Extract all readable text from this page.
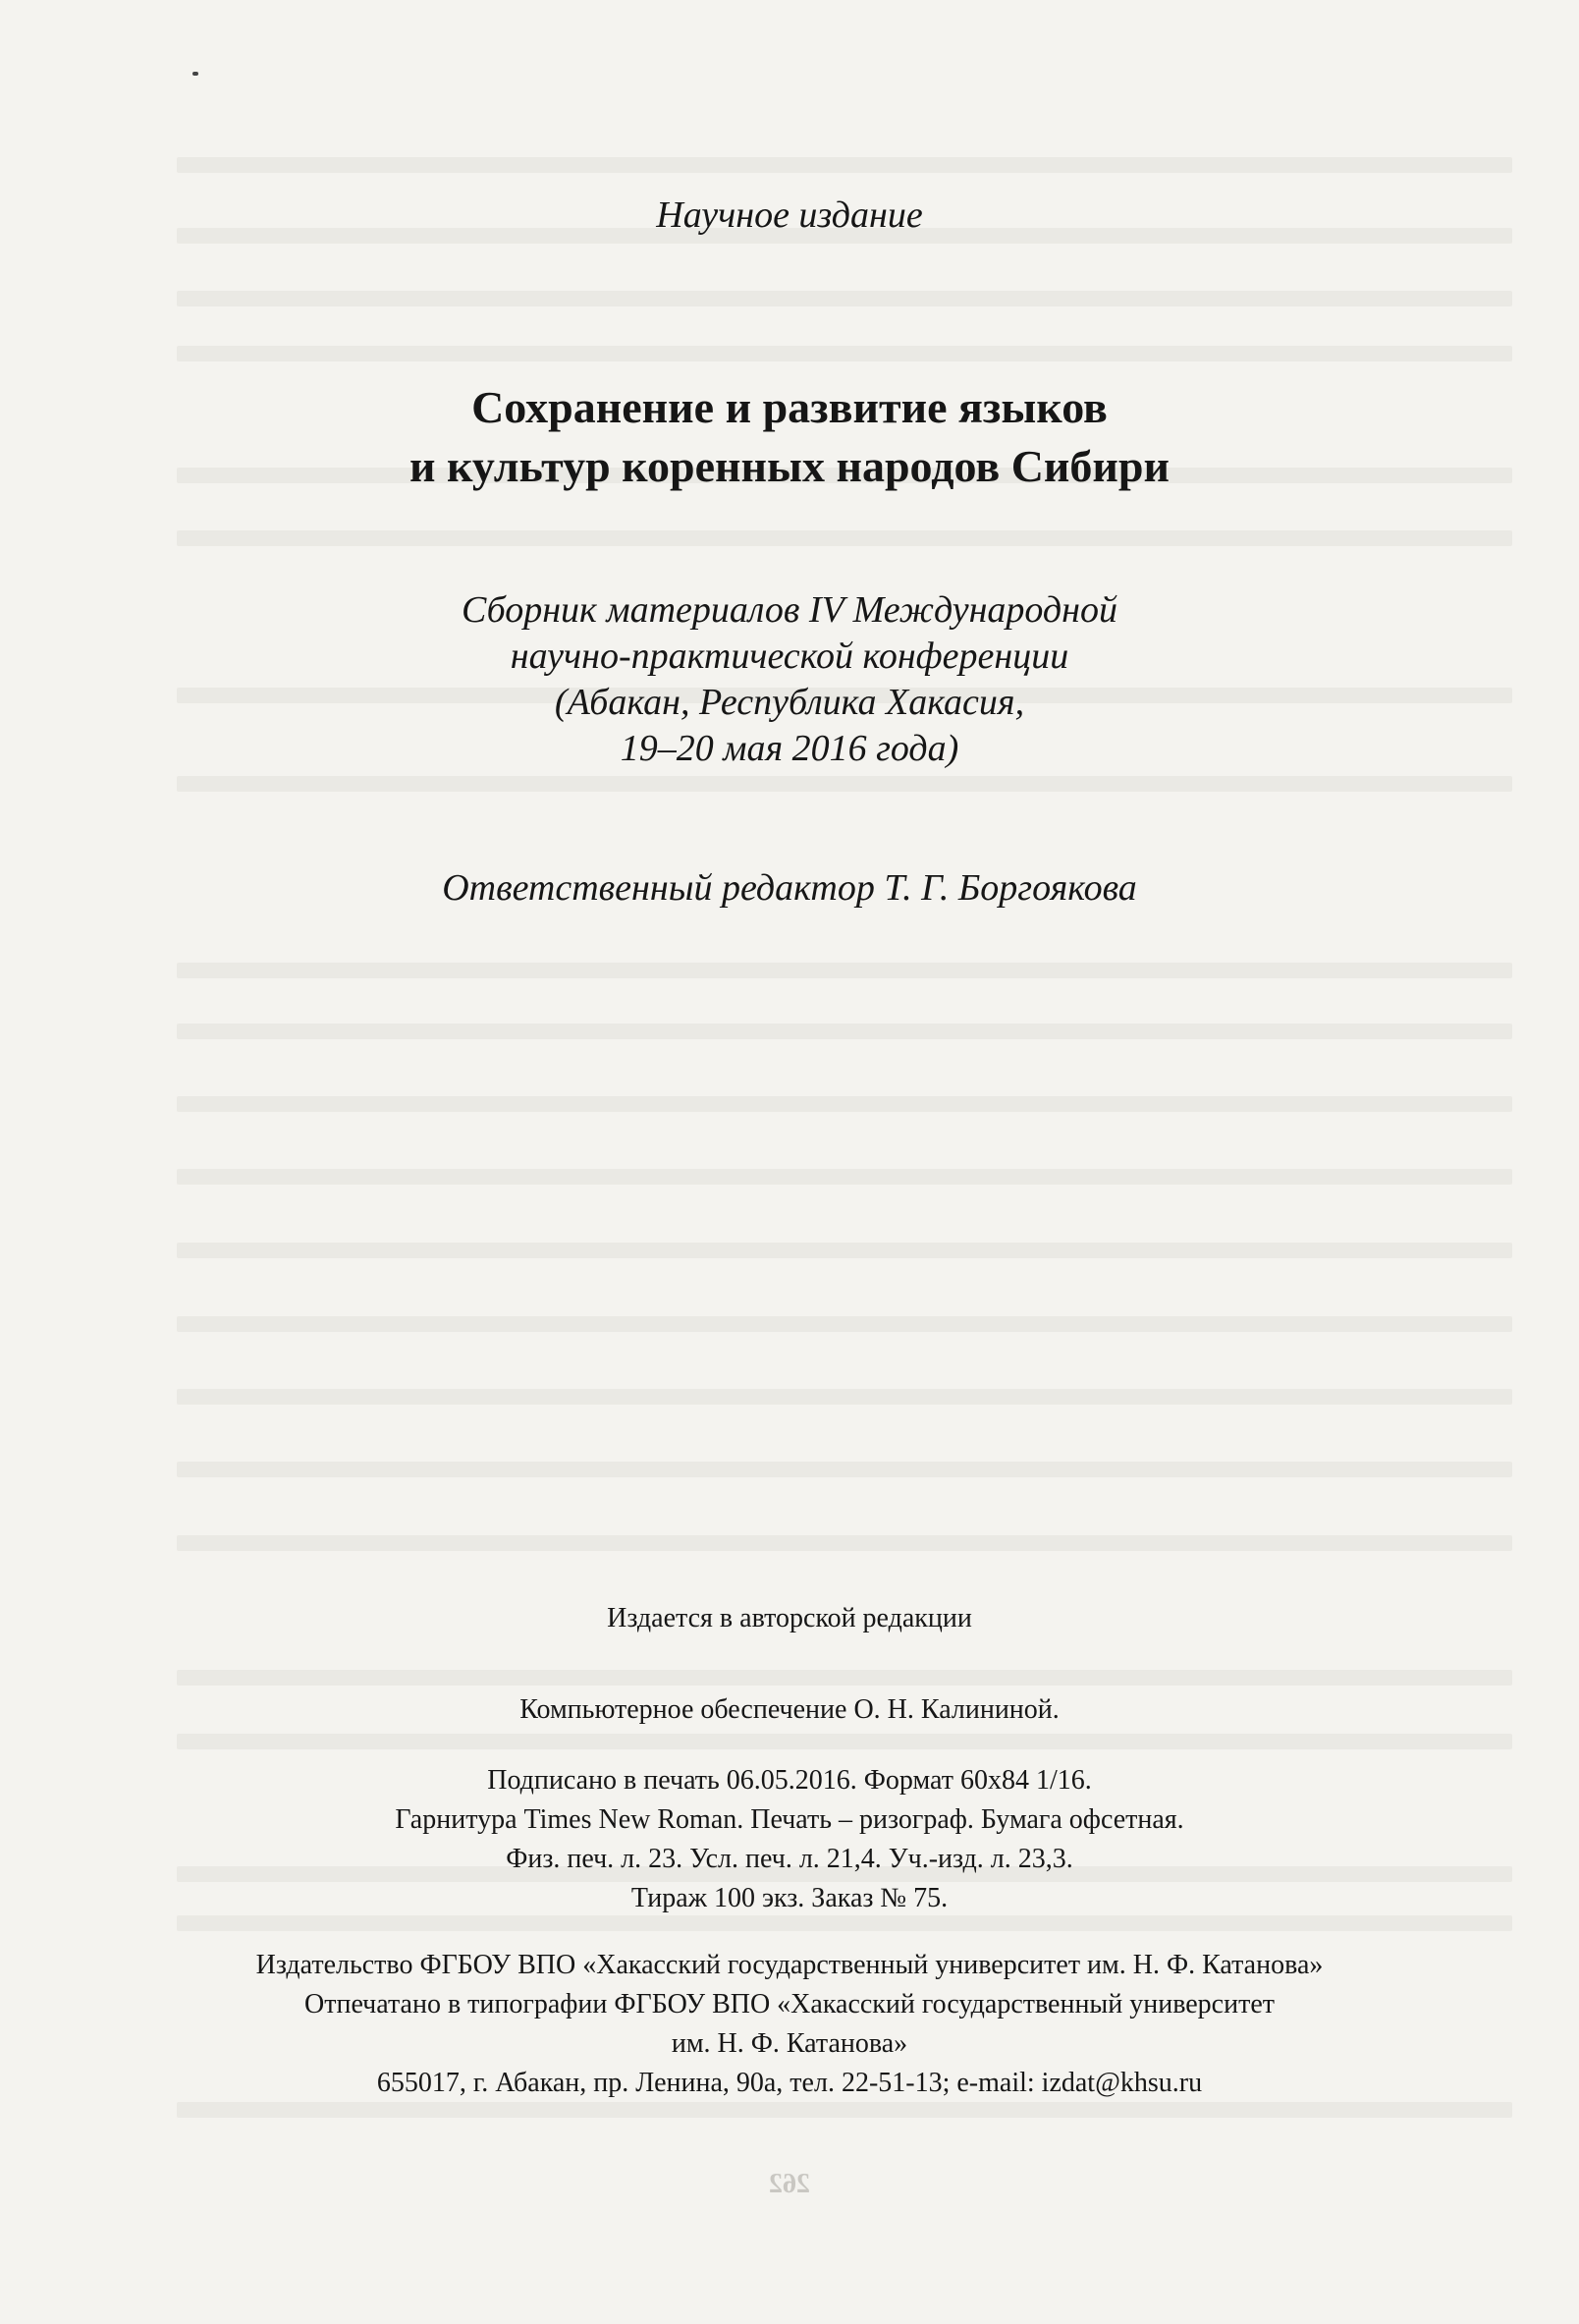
Научное издание
Сохранение и развитие языков
и культур коренных народов Сибири
Сборник материалов IV Международной
научно-практической конференции
(Абакан, Республика Хакасия,
19–20 мая 2016 года)
Ответственный редактор Т. Г. Боргоякова
Издается в авторской редакции
Компьютерное обеспечение О. Н. Калининой.
Подписано в печать 06.05.2016. Формат 60x84 1/16.
Гарнитура Times New Roman. Печать – ризограф. Бумага офсетная.
Физ. печ. л. 23. Усл. печ. л. 21,4. Уч.-изд. л. 23,3.
Тираж 100 экз. Заказ № 75.
Издательство ФГБОУ ВПО «Хакасский государственный университет им. Н. Ф. Катанова»
Отпечатано в типографии ФГБОУ ВПО «Хакасский государственный университет
им. Н. Ф. Катанова»
655017, г. Абакан, пр. Ленина, 90а, тел. 22-51-13; e-mail: izdat@khsu.ru
262
